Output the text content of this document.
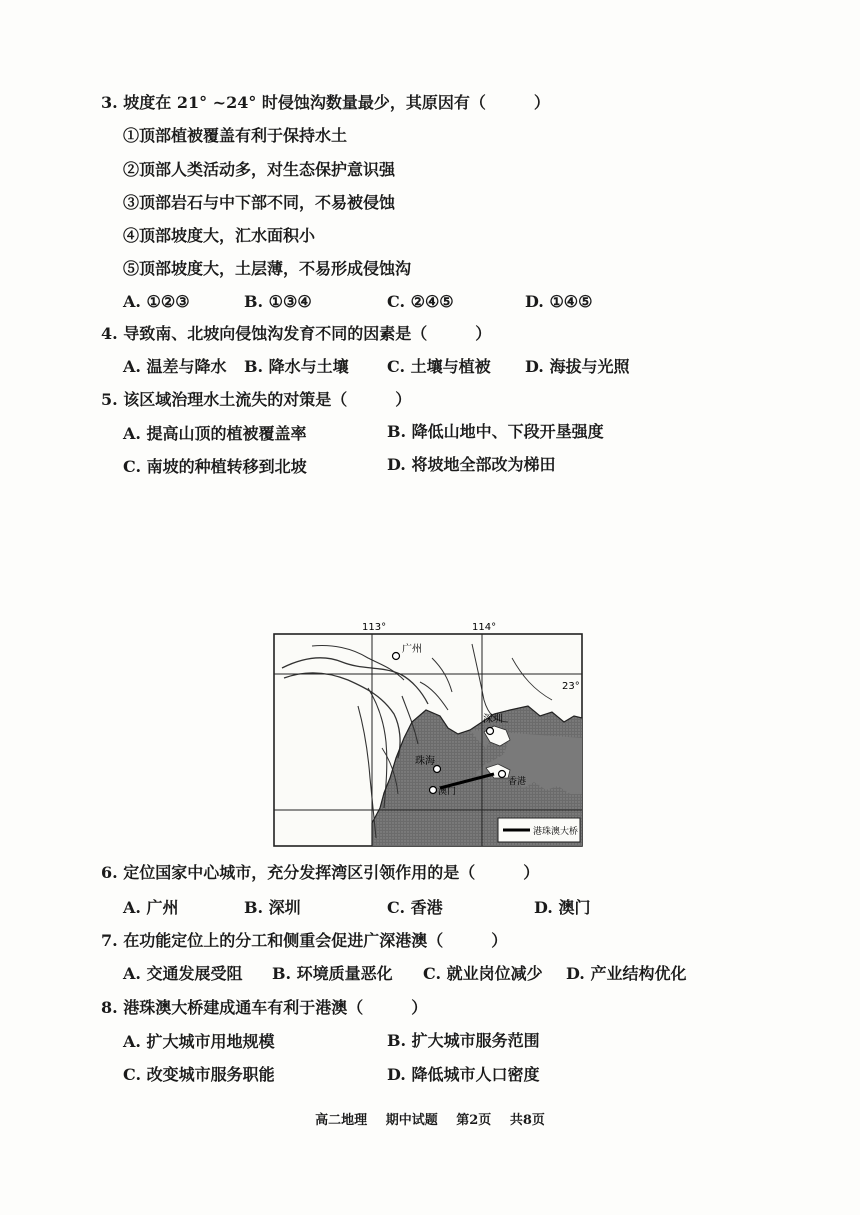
3. 坡度在 21° ~24° 时侵蚀沟数量最少，其原因有（　　　）
①顶部植被覆盖有利于保持水土
②顶部人类活动多，对生态保护意识强
③顶部岩石与中下部不同，不易被侵蚀
④顶部坡度大，汇水面积小
⑤顶部坡度大，土层薄，不易形成侵蚀沟
A. ①②③	B. ①③④	C. ②④⑤	D. ①④⑤
4. 导致南、北坡向侵蚀沟发育不同的因素是（　　　）
A. 温差与降水 B. 降水与土壤 C. 土壤与植被 D. 海拔与光照
5. 该区域治理水土流失的对策是（　　　）
A. 提高山顶的植被覆盖率	B. 降低山地中、下段开垦强度
C. 南坡的种植转移到北坡	D. 将坡地全部改为梯田
广州
深圳
珠海
澳门
香港
113°	114°
23°
港珠澳大桥
6. 定位国家中心城市，充分发挥湾区引领作用的是（　　　）
A. 广州	B. 深圳	C. 香港	D. 澳门
7. 在功能定位上的分工和侧重会促进广深港澳（　　　）
A. 交通发展受阻 B. 环境质量恶化 C. 就业岗位减少 D. 产业结构优化
8. 港珠澳大桥建成通车有利于港澳（　　　）
A. 扩大城市用地规模	B. 扩大城市服务范围
C. 改变城市服务职能	D. 降低城市人口密度
高二地理 期中试题 第2页 共8页
